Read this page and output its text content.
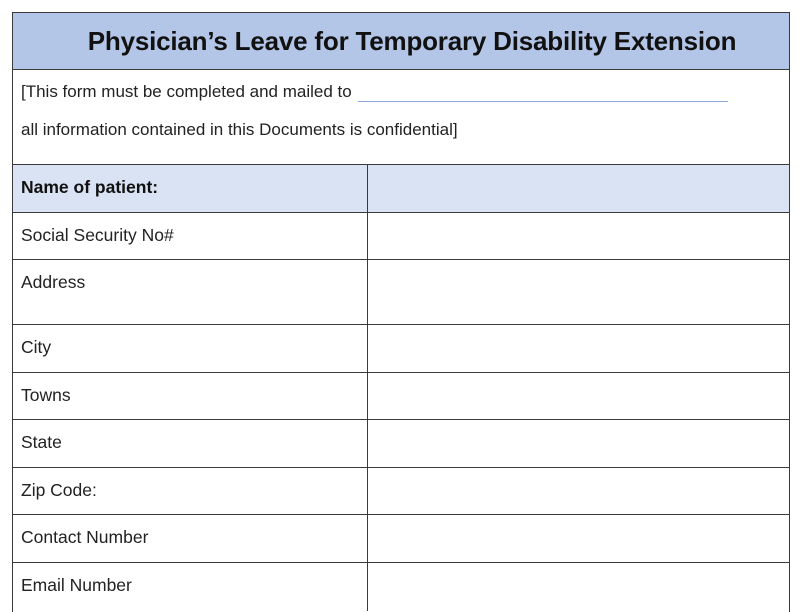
Physician’s Leave for Temporary Disability Extension
[This form must be completed and mailed to
all information contained in this Documents is confidential]
Name of patient:
Social Security No#
Address
City
Towns
State
Zip Code:
Contact Number
Email Number
